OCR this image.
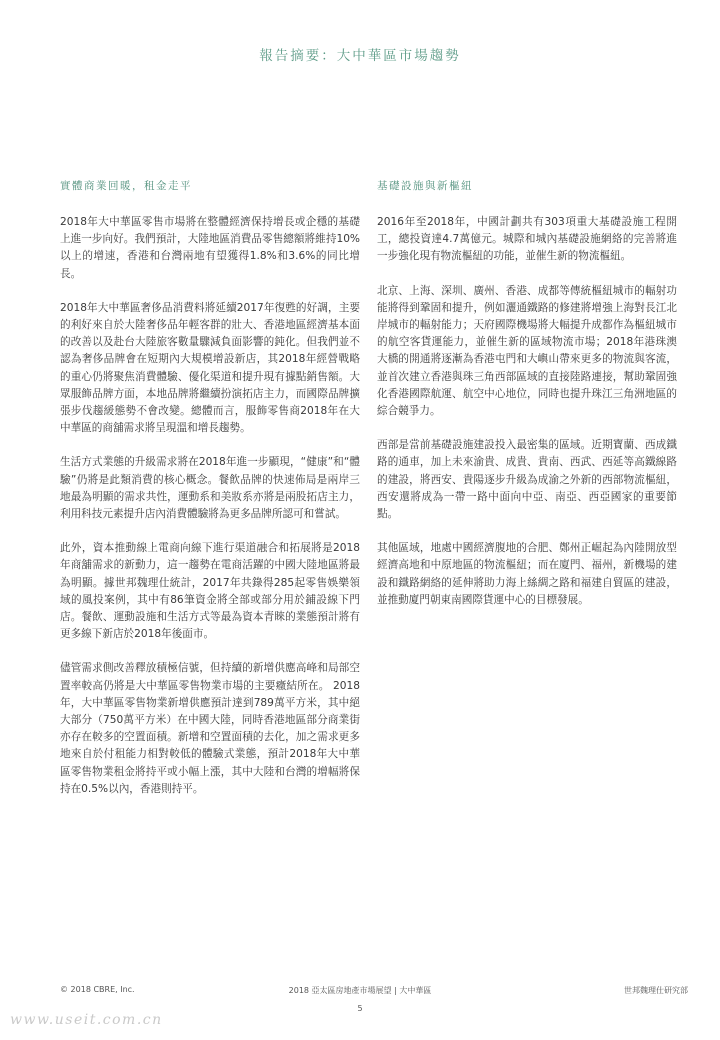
報告摘要：大中華區市場趨勢
實體商業回暖，租金走平

2018年大中華區零售市場將在整體經濟保持增長或企穩的基礎上進一步向好。我們預計，大陸地區消費品零售總額將維持10%以上的增速，香港和台灣兩地有望獲得1.8%和3.6%的同比增長。

2018年大中華區奢侈品消費料將延續2017年復甦的好調，主要的利好來自於大陸奢侈品年輕客群的壯大、香港地區經濟基本面的改善以及赴台大陸旅客數量驟減負面影響的鈍化。但我們並不認為奢侈品牌會在短期內大規模增設新店，其2018年經營戰略的重心仍將聚焦消費體驗、優化渠道和提升現有據點銷售額。大眾服飾品牌方面，本地品牌將繼續扮演拓店主力，而國際品牌擴張步伐趨緩態勢不會改變。總體而言，服飾零售商2018年在大中華區的商舖需求將呈現溫和增長趨勢。

生活方式業態的升級需求將在2018年進一步顯現，“健康”和“體驗”仍將是此類消費的核心概念。餐飲品牌的快速佈局是兩岸三地最為明顯的需求共性，運動系和美妝系亦將是兩股拓店主力，利用科技元素提升店內消費體驗將為更多品牌所認可和嘗試。

此外，資本推動線上電商向線下進行渠道融合和拓展將是2018年商舖需求的新動力，這一趨勢在電商活躍的中國大陸地區將最為明顯。據世邦魏理仕統計，2017年共錄得285起零售娛樂領域的風投案例，其中有86筆資金將全部或部分用於鋪設線下門店。餐飲、運動設施和生活方式等最為資本青睞的業態預計將有更多線下新店於2018年後面市。

儘管需求側改善釋放積極信號，但持續的新增供應高峰和局部空置率較高仍將是大中華區零售物業市場的主要癥結所在。 2018年，大中華區零售物業新增供應預計達到789萬平方米，其中絕大部分（750萬平方米）在中國大陸，同時香港地區部分商業街亦存在較多的空置面積。新增和空置面積的去化，加之需求更多地來自於付租能力相對較低的體驗式業態，預計2018年大中華區零售物業租金將持平或小幅上漲，其中大陸和台灣的增幅將保持在0.5%以內，香港則持平。

基礎設施與新樞紐

2016年至2018年，中國計劃共有303項重大基礎設施工程開工，總投資達4.7萬億元。城際和城內基礎設施網絡的完善將進一步強化現有物流樞紐的功能，並催生新的物流樞紐。

北京、上海、深圳、廣州、香港、成都等傳統樞紐城市的輻射功能將得到鞏固和提升，例如灑通鐵路的修建將增強上海對長江北岸城市的輻射能力；天府國際機場將大幅提升成都作為樞紐城市的航空客貨運能力，並催生新的區域物流市場；2018年港珠澳大橋的開通將逐漸為香港屯門和大嶼山帶來更多的物流與客流，並首次建立香港與珠三角西部區域的直接陸路連接，幫助鞏固強化香港國際航運、航空中心地位，同時也提升珠江三角洲地區的綜合競爭力。

西部是當前基礎設施建設投入最密集的區域。近期寶蘭、西成鐵路的通車，加上未來渝貴、成貴、貴南、西武、西延等高鐵線路的建設，將西安、貴陽逐步升級為成渝之外新的西部物流樞紐，西安還將成為一帶一路中面向中亞、南亞、西亞國家的重要節點。

其他區域，地處中國經濟腹地的合肥、鄭州正崛起為內陸開放型經濟高地和中原地區的物流樞紐；而在廈門、福州，新機場的建設和鐵路網絡的延伸將助力海上絲綢之路和福建自貿區的建設，並推動廈門朝東南國際貨運中心的目標發展。

© 2018 CBRE, Inc.	2018 亞太區房地產市場展望 | 大中華區	世邦魏理仕研究部
5
www.useit.com.cn
